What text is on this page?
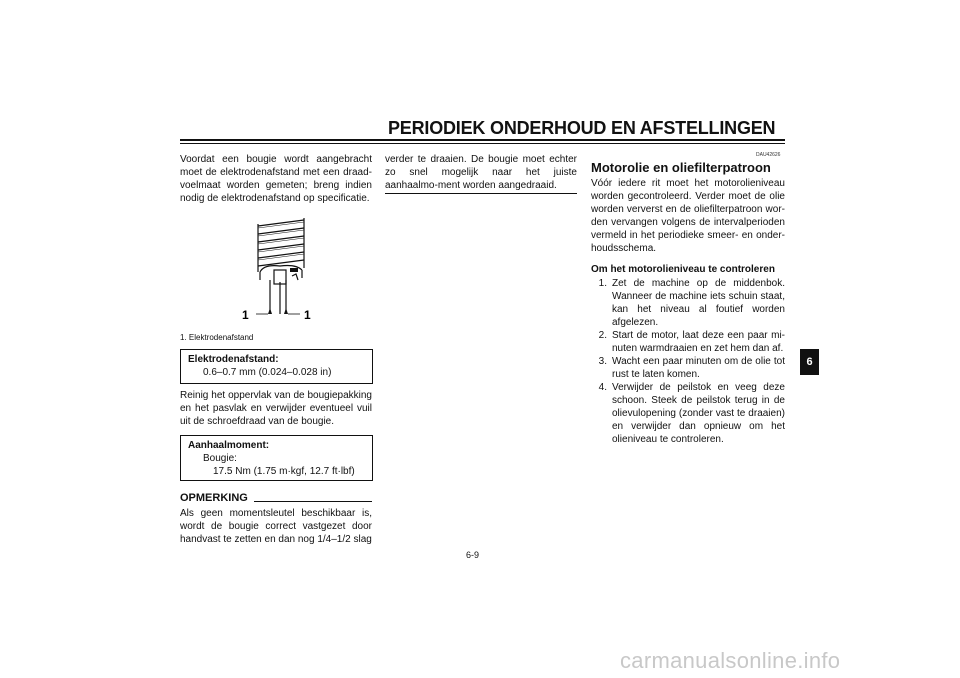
PERIODIEK ONDERHOUD EN AFSTELLINGEN

Voordat een bougie wordt aangebracht moet de elektrodenafstand met een draad-voelmaat worden gemeten; breng indien nodig de elektrodenafstand op specificatie.

1	1
1. Elektrodenafstand
Elektrodenafstand:
0.6–0.7 mm (0.024–0.028 in)
Reinig het oppervlak van de bougiepakking en het pasvlak en verwijder eventueel vuil uit de schroefdraad van de bougie.
Aanhaalmoment:
Bougie:
17.5 Nm (1.75 m·kgf, 12.7 ft·lbf)
OPMERKING
Als geen momentsleutel beschikbaar is, wordt de bougie correct vastgezet door handvast te zetten en dan nog 1/4–1/2 slag

verder te draaien. De bougie moet echter zo snel mogelijk naar het juiste aanhaalmo-ment worden aangedraaid.

DAU42626
Motorolie en oliefilterpatroon
Vóór iedere rit moet het motorolieniveau worden gecontroleerd. Verder moet de olie worden ververst en de oliefilterpatroon wor-den vervangen volgens de intervalperioden vermeld in het periodieke smeer- en onder-houdsschema.
Om het motorolieniveau te controleren
1. Zet de machine op de middenbok. Wanneer de machine iets schuin staat, kan het niveau al foutief worden afgelezen.
2. Start de motor, laat deze een paar mi-nuten warmdraaien en zet hem dan af.
3. Wacht een paar minuten om de olie tot rust te laten komen.
4. Verwijder de peilstok en veeg deze schoon. Steek de peilstok terug in de olievulopening (zonder vast te draaien) en verwijder dan opnieuw om het olieniveau te controleren.
6
6-9
carmanualsonline.info
